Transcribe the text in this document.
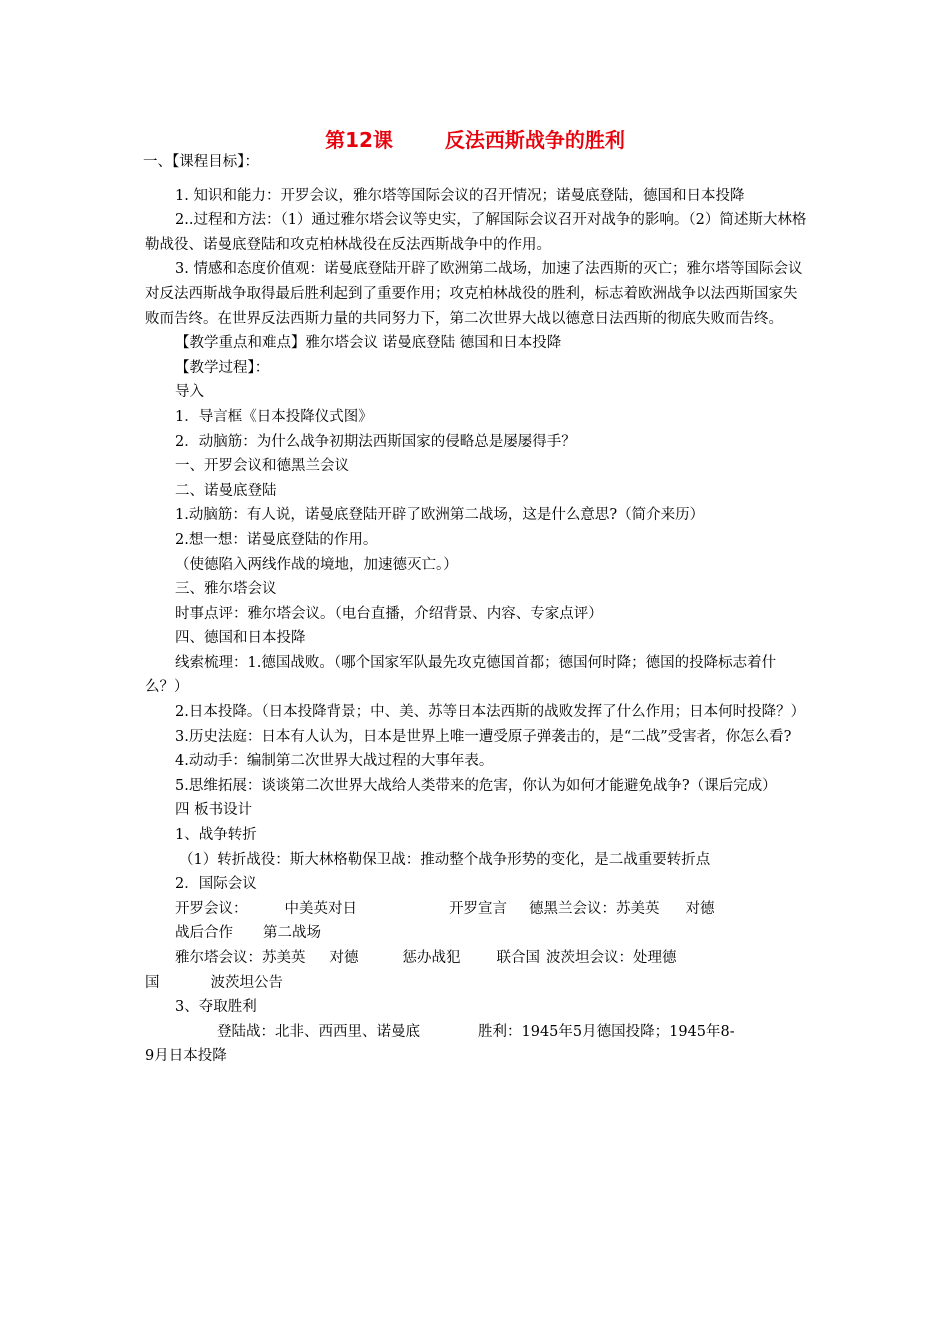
第12课	反法西斯战争的胜利

一、【课程目标】：

1. 知识和能力：开罗会议，雅尔塔等国际会议的召开情况；诺曼底登陆，德国和日本投降

2..过程和方法：（1）通过雅尔塔会议等史实，了解国际会议召开对战争的影响。（2）简述斯大林格勒战役、诺曼底登陆和攻克柏林战役在反法西斯战争中的作用。

3. 情感和态度价值观：诺曼底登陆开辟了欧洲第二战场，加速了法西斯的灭亡；雅尔塔等国际会议对反法西斯战争取得最后胜利起到了重要作用；攻克柏林战役的胜利，标志着欧洲战争以法西斯国家失败而告终。在世界反法西斯力量的共同努力下，第二次世界大战以德意日法西斯的彻底失败而告终。

【教学重点和难点】雅尔塔会议 诺曼底登陆 德国和日本投降

【教学过程】：

导入

1．导言框《日本投降仪式图》

2．动脑筋：为什么战争初期法西斯国家的侵略总是屡屡得手？

一、开罗会议和德黑兰会议

二、诺曼底登陆

1.动脑筋：有人说，诺曼底登陆开辟了欧洲第二战场，这是什么意思?（简介来历）

2.想一想：诺曼底登陆的作用。

（使德陷入两线作战的境地，加速德灭亡。）

三、雅尔塔会议

时事点评：雅尔塔会议。（电台直播，介绍背景、内容、专家点评）

四、德国和日本投降

线索梳理：1.德国战败。（哪个国家军队最先攻克德国首都；德国何时降；德国的投降标志着什么？）

2.日本投降。（日本投降背景；中、美、苏等日本法西斯的战败发挥了什么作用；日本何时投降？）

3.历史法庭：日本有人认为，日本是世界上唯一遭受原子弹袭击的，是“二战”受害者，你怎么看?

4.动动手：编制第二次世界大战过程的大事年表。

5.思维拓展：谈谈第二次世界大战给人类带来的危害，你认为如何才能避免战争?（课后完成）

四 板书设计

1、战争转折

（1）转折战役：斯大林格勒保卫战：推动整个战争形势的变化，是二战重要转折点

2．国际会议

开罗会议：	中美英对日	开罗宣言 德黑兰会议：苏美英 对德

战后合作 第二战场

雅尔塔会议：苏美英 对德	惩办战犯 联合国 波茨坦会议：处理德

国	波茨坦公告

3、夺取胜利

登陆战：北非、西西里、诺曼底	胜利：1945年5月德国投降；1945年8-

9月日本投降
